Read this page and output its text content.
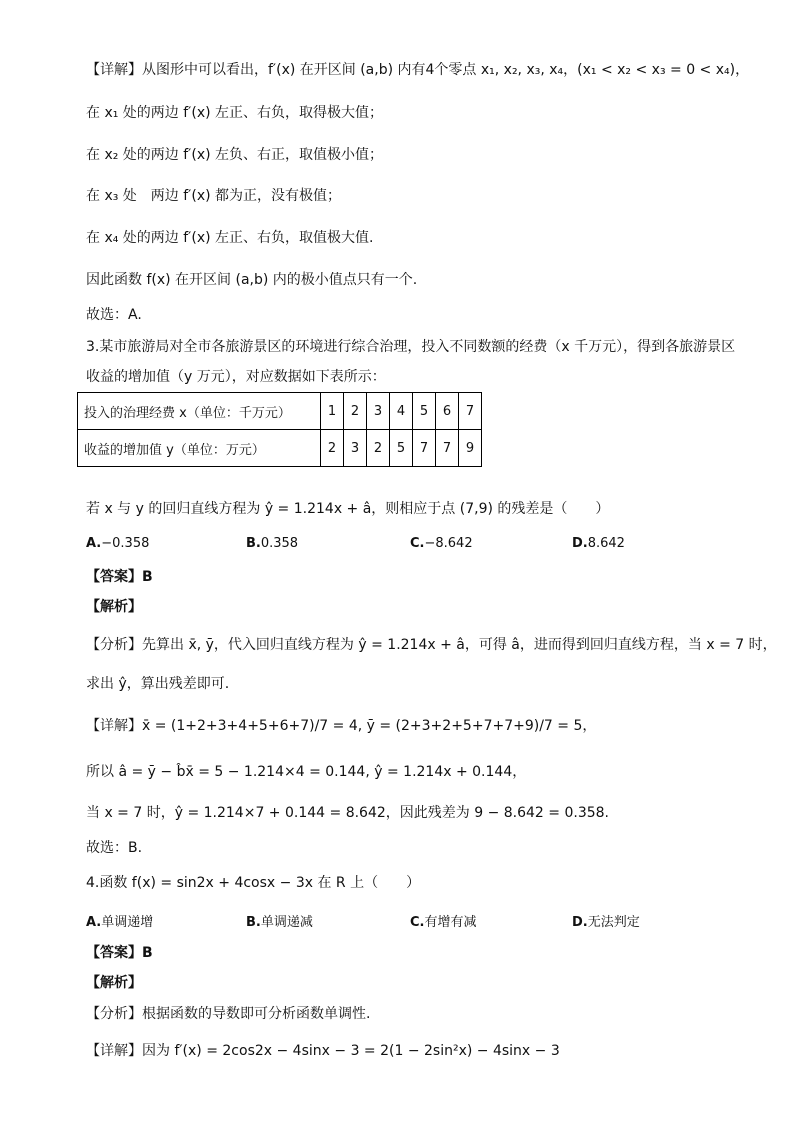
【详解】从图形中可以看出，f′(x) 在开区间 (a,b) 内有4个零点 x₁, x₂, x₃, x₄，(x₁ < x₂ < x₃ = 0 < x₄)，
在 x₁ 处的两边 f′(x) 左正、右负，取得极大值；
在 x₂ 处的两边 f′(x) 左负、右正，取值极小值；
在 x₃ 处　两边 f′(x) 都为正，没有极值；
在 x₄ 处的两边 f′(x) 左正、右负，取值极大值.
因此函数 f(x) 在开区间 (a,b) 内的极小值点只有一个.
故选：A.
3.某市旅游局对全市各旅游景区的环境进行综合治理，投入不同数额的经费（x 千万元），得到各旅游景区
收益的增加值（y 万元），对应数据如下表所示：
投入的治理经费 x（单位：千万元）	1	2	3	4	5	6	7
收益的增加值 y（单位：万元）	2	3	2	5	7	7	9
若 x 与 y 的回归直线方程为 ŷ = 1.214x + â，则相应于点 (7,9) 的残差是（　　）
A.−0.358	B.0.358	C.−8.642	D.8.642
【答案】B
【解析】
【分析】先算出 x̄, ȳ，代入回归直线方程为 ŷ = 1.214x + â，可得 â，进而得到回归直线方程，当 x = 7 时，
求出 ŷ，算出残差即可.
【详解】x̄ = (1+2+3+4+5+6+7)/7 = 4, ȳ = (2+3+2+5+7+7+9)/7 = 5，
所以 â = ȳ − b̂x̄ = 5 − 1.214×4 = 0.144, ŷ = 1.214x + 0.144，
当 x = 7 时，ŷ = 1.214×7 + 0.144 = 8.642，因此残差为 9 − 8.642 = 0.358.
故选：B.
4.函数 f(x) = sin2x + 4cosx − 3x 在 R 上（　　）
A.单调递增	B.单调递减	C.有增有减	D.无法判定
【答案】B
【解析】
【分析】根据函数的导数即可分析函数单调性.
【详解】因为 f′(x) = 2cos2x − 4sinx − 3 = 2(1 − 2sin²x) − 4sinx − 3
